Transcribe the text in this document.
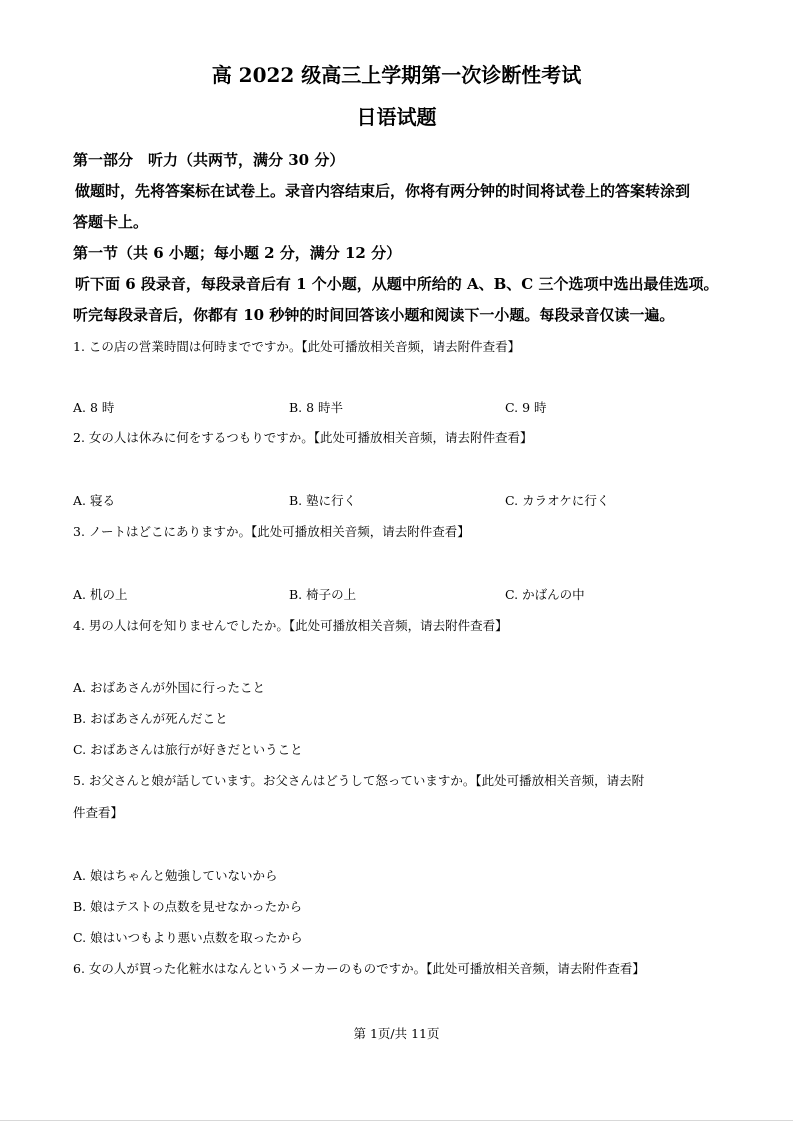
高 2022 级高三上学期第一次诊断性考试
日语试题
第一部分　听力（共两节，满分 30 分）
做题时，先将答案标在试卷上。录音内容结束后，你将有两分钟的时间将试卷上的答案转涂到
答题卡上。
第一节（共 6 小题；每小题 2 分，满分 12 分）
听下面 6 段录音，每段录音后有 1 个小题，从题中所给的 A、B、C 三个选项中选出最佳选项。
听完每段录音后，你都有 10 秒钟的时间回答该小题和阅读下一小题。每段录音仅读一遍。
1. この店の営業時間は何時までですか。【此处可播放相关音频，请去附件查看】
A. 8 時	B. 8 時半	C. 9 時
2. 女の人は休みに何をするつもりですか。【此处可播放相关音频，请去附件查看】
A. 寝る	B. 塾に行く	C. カラオケに行く
3. ノートはどこにありますか。【此处可播放相关音频，请去附件查看】
A. 机の上	B. 椅子の上	C. かばんの中
4. 男の人は何を知りませんでしたか。【此处可播放相关音频，请去附件查看】
A. おばあさんが外国に行ったこと
B. おばあさんが死んだこと
C. おばあさんは旅行が好きだということ
5. お父さんと娘が話しています。お父さんはどうして怒っていますか。【此处可播放相关音频，请去附
件查看】
A. 娘はちゃんと勉強していないから
B. 娘はテストの点数を見せなかったから
C. 娘はいつもより悪い点数を取ったから
6. 女の人が買った化粧水はなんというメーカーのものですか。【此处可播放相关音频，请去附件查看】
第 1页/共 11页
